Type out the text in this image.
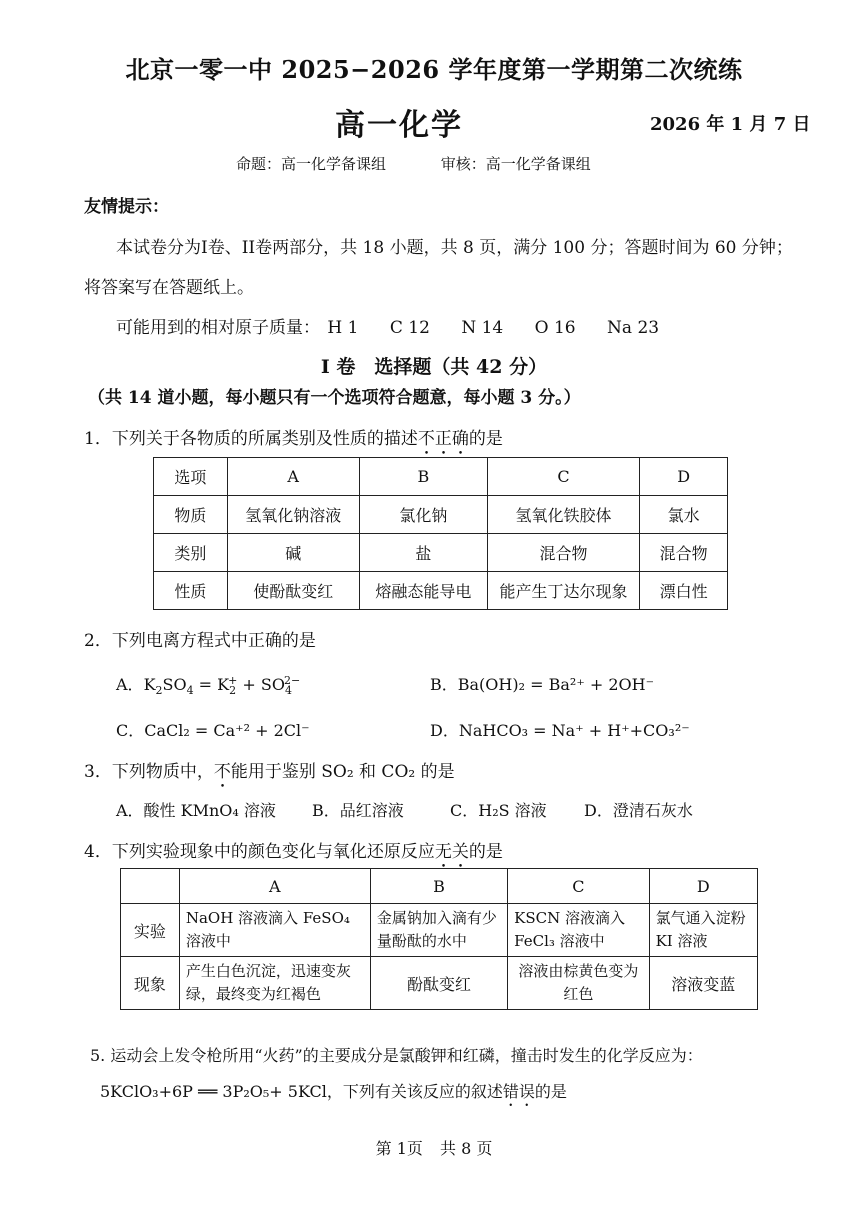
北京一零一中 2025−2026 学年度第一学期第二次统练
高一化学	2026 年 1 月 7 日
命题：高一化学备课组	审核：高一化学备课组
友情提示：
本试卷分为I卷、II卷两部分，共 18 小题，共 8 页，满分 100 分；答题时间为 60 分钟；
将答案写在答题纸上。
可能用到的相对原子质量： H 1 C 12 N 14 O 16 Na 23
I 卷　选择题（共 42 分）
（共 14 道小题，每小题只有一个选项符合题意，每小题 3 分。）
1．下列关于各物质的所属类别及性质的描述不正确的是
选项	A	B	C	D
物质	氢氧化钠溶液	氯化钠	氢氧化铁胶体	氯水
类别	碱	盐	混合物	混合物
性质	使酚酞变红	熔融态能导电	能产生丁达尔现象	漂白性
2．下列电离方程式中正确的是
A．$K_2SO_4 = K_2^+ + SO_4^{2-}$	B．Ba(OH)₂ = Ba²⁺ + 2OH⁻
C．CaCl₂ = Ca⁺² + 2Cl⁻	D．NaHCO₃ = Na⁺ + H⁺+CO₃²⁻
3．下列物质中，不能用于鉴别 SO₂ 和 CO₂ 的是
A．酸性 KMnO₄ 溶液 B．品红溶液	C．H₂S 溶液 D．澄清石灰水
4．下列实验现象中的颜色变化与氧化还原反应无关的是
	A	B	C	D
实验	NaOH 溶液滴入 FeSO₄ 溶液中	金属钠加入滴有少量酚酞的水中	KSCN 溶液滴入 FeCl₃ 溶液中	氯气通入淀粉 KI 溶液
现象	产生白色沉淀，迅速变灰绿，最终变为红褐色	酚酞变红	溶液由棕黄色变为红色	溶液变蓝
5. 运动会上发令枪所用“火药”的主要成分是氯酸钾和红磷，撞击时发生的化学反应为：
5KClO₃+6P ══ 3P₂O₅+ 5KCl，下列有关该反应的叙述错误的是
第 1页 共 8 页
